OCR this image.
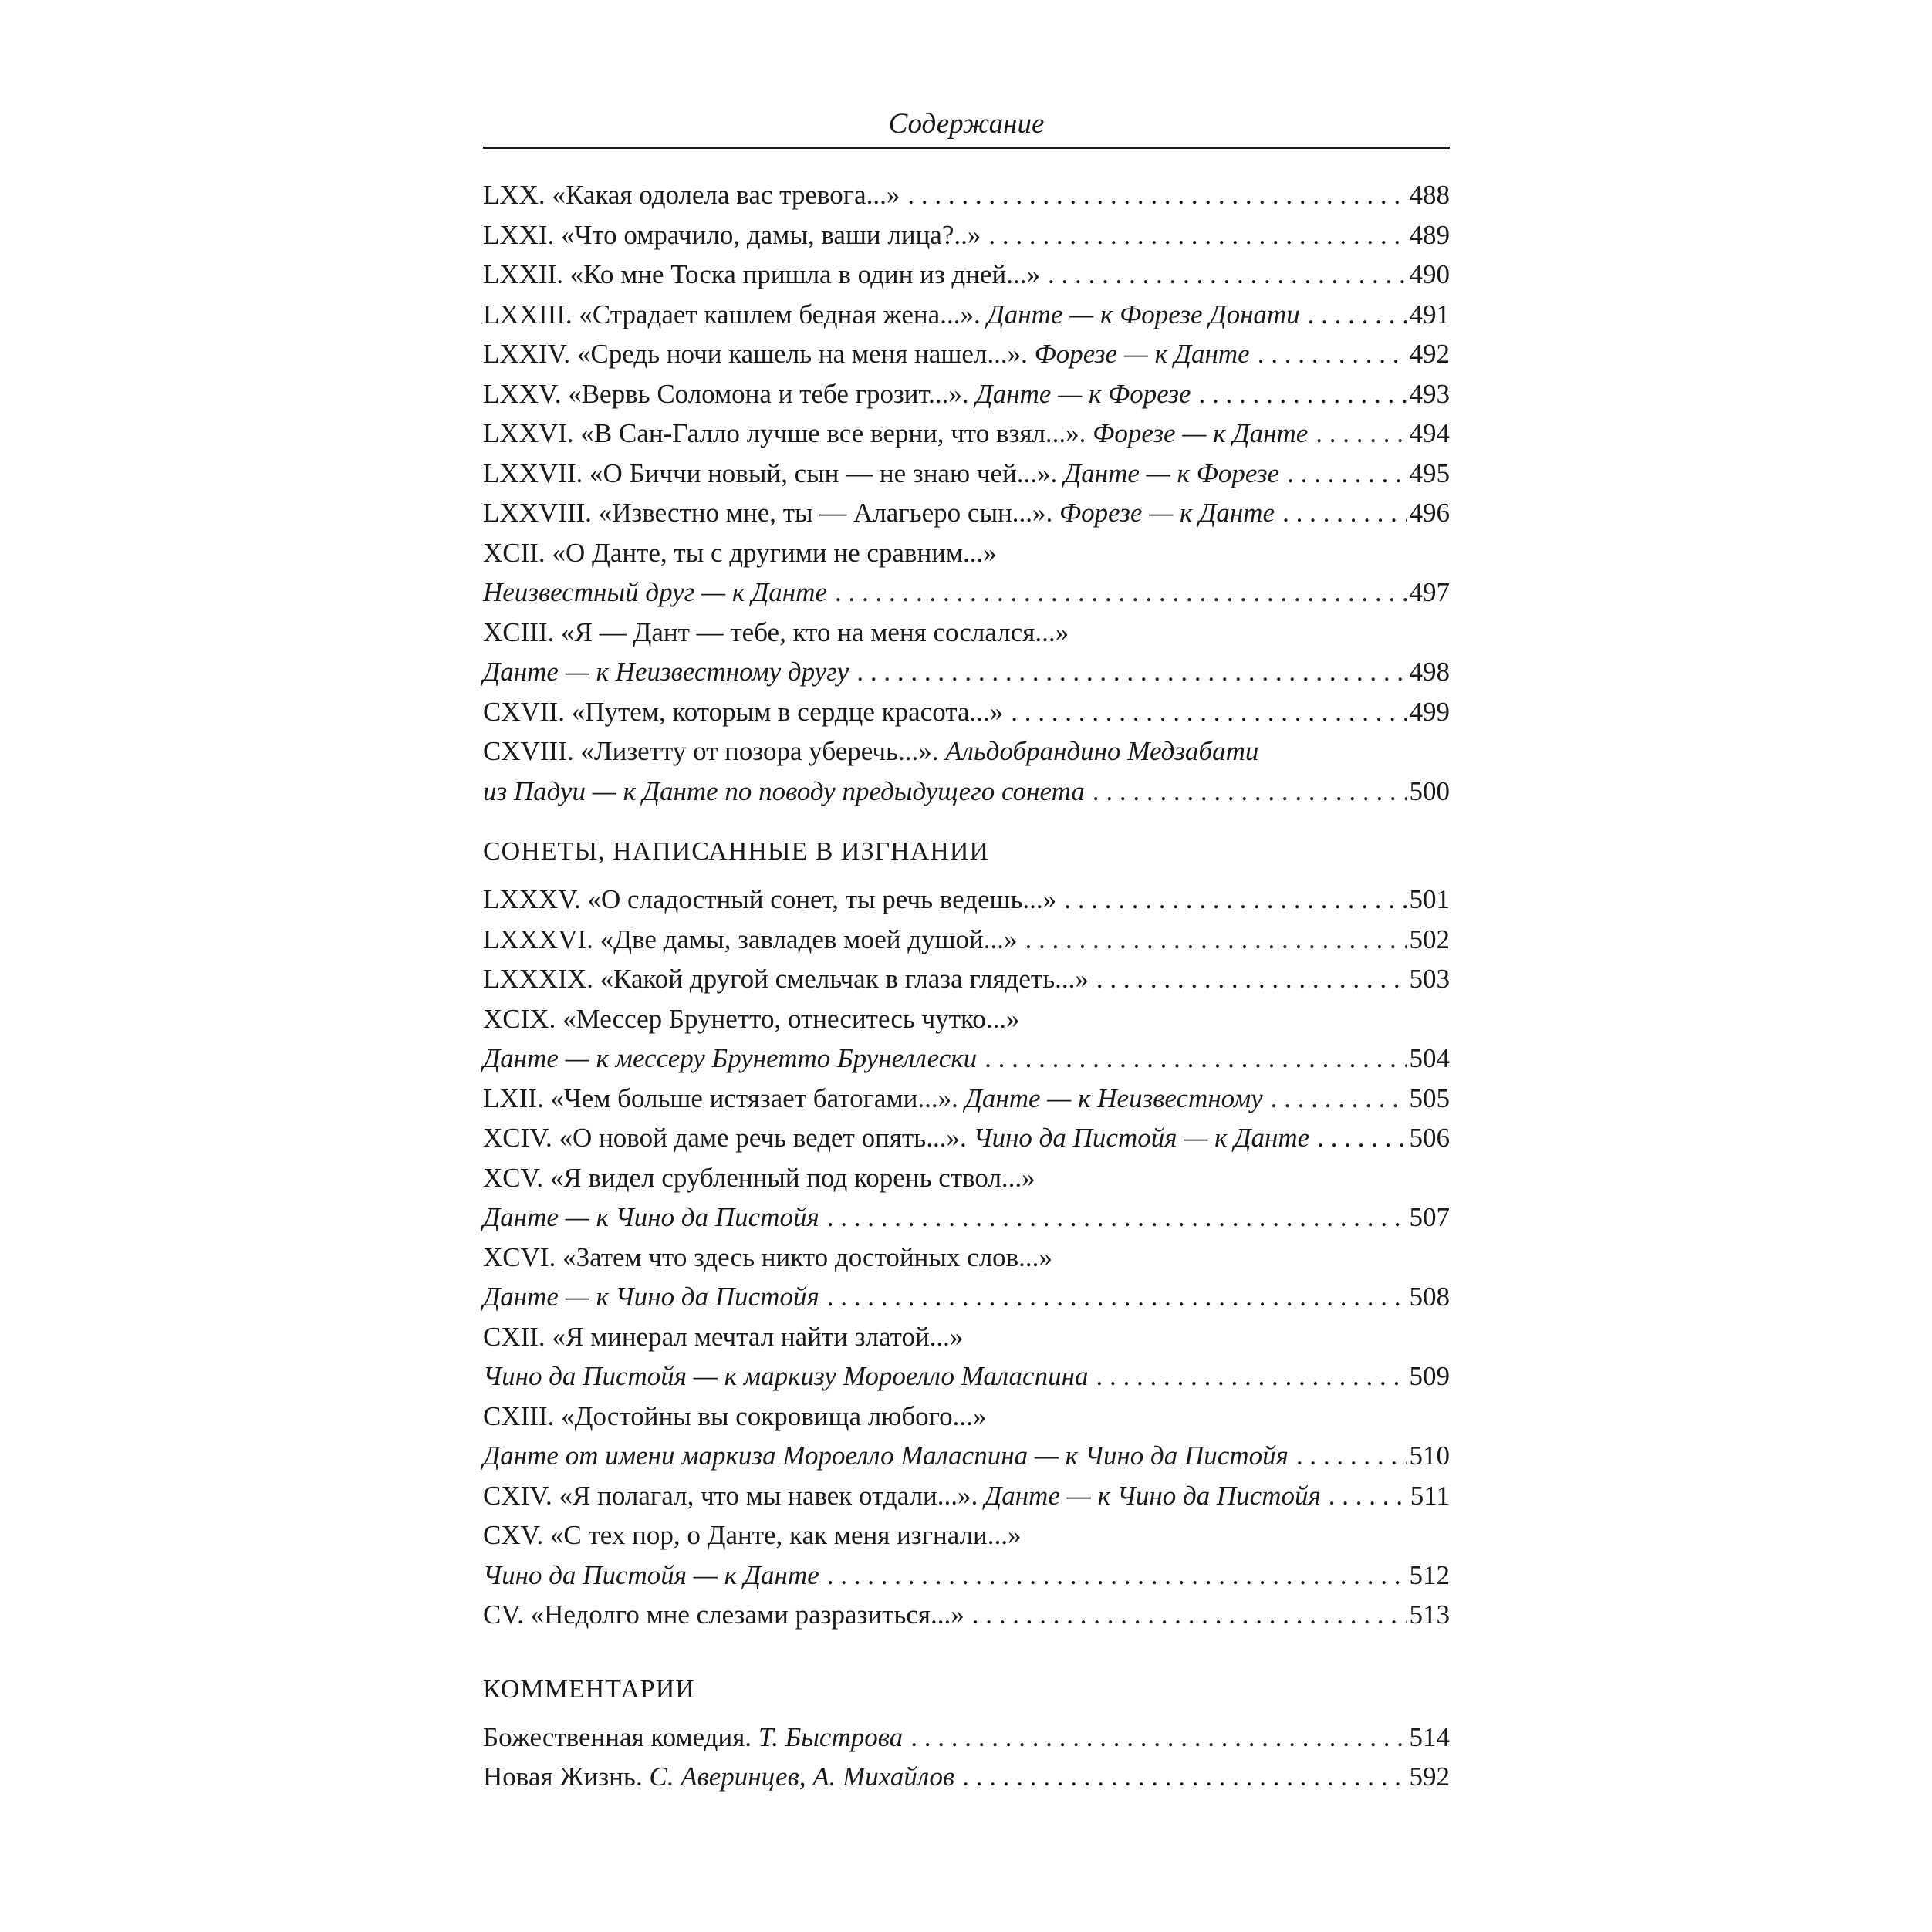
Содержание
LXX. «Какая одолела вас тревога...» . . .	488
LXXI. «Что омрачило, дамы, ваши лица?..» . . .	489
LXXII. «Ко мне Тоска пришла в один из дней...» . . .	490
LXXIII. «Страдает кашлем бедная жена...». Данте — к Форезе Донати . . .	491
LXXIV. «Средь ночи кашель на меня нашел...». Форезе — к Данте . . .	492
LXXV. «Вервь Соломона и тебе грозит...». Данте — к Форезе . . .	493
LXXVI. «В Сан-Галло лучше все верни, что взял...». Форезе — к Данте . . .	494
LXXVII. «О Биччи новый, сын — не знаю чей...». Данте — к Форезе . . .	495
LXXVIII. «Известно мне, ты — Алагьеро сын...». Форезе — к Данте . . .	496
XCII. «О Данте, ты с другими не сравним...»
Неизвестный друг — к Данте . . .	497
XCIII. «Я — Дант — тебе, кто на меня сослался...»
Данте — к Неизвестному другу . . .	498
CXVII. «Путем, которым в сердце красота...» . . .	499
CXVIII. «Лизетту от позора уберечь...». Альдобрандино Медзабати
из Падуи — к Данте по поводу предыдущего сонета . . .	500
СОНЕТЫ, НАПИСАННЫЕ В ИЗГНАНИИ
LXXXV. «О сладостный сонет, ты речь ведешь...» . . .	501
LXXXVI. «Две дамы, завладев моей душой...» . . .	502
LXXXIX. «Какой другой смельчак в глаза глядеть...» . . .	503
XCIX. «Мессер Брунетто, отнеситесь чутко...»
Данте — к мессеру Брунетто Брунеллески . . .	504
LXII. «Чем больше истязает батогами...». Данте — к Неизвестному . . .	505
XCIV. «О новой даме речь ведет опять...». Чино да Пистойя — к Данте . . .	506
XCV. «Я видел срубленный под корень ствол...»
Данте — к Чино да Пистойя . . .	507
XCVI. «Затем что здесь никто достойных слов...»
Данте — к Чино да Пистойя . . .	508
CXII. «Я минерал мечтал найти златой...»
Чино да Пистойя — к маркизу Мороелло Маласпина . . .	509
CXIII. «Достойны вы сокровища любого...»
Данте от имени маркиза Мороелло Маласпина — к Чино да Пистойя . . .	510
CXIV. «Я полагал, что мы навек отдали...». Данте — к Чино да Пистойя . . .	511
CXV. «С тех пор, о Данте, как меня изгнали...»
Чино да Пистойя — к Данте . . .	512
CV. «Недолго мне слезами разразиться...» . . .	513
КОММЕНТАРИИ
Божественная комедия. Т. Быстрова . . .	514
Новая Жизнь. С. Аверинцев, А. Михайлов . . .	592
